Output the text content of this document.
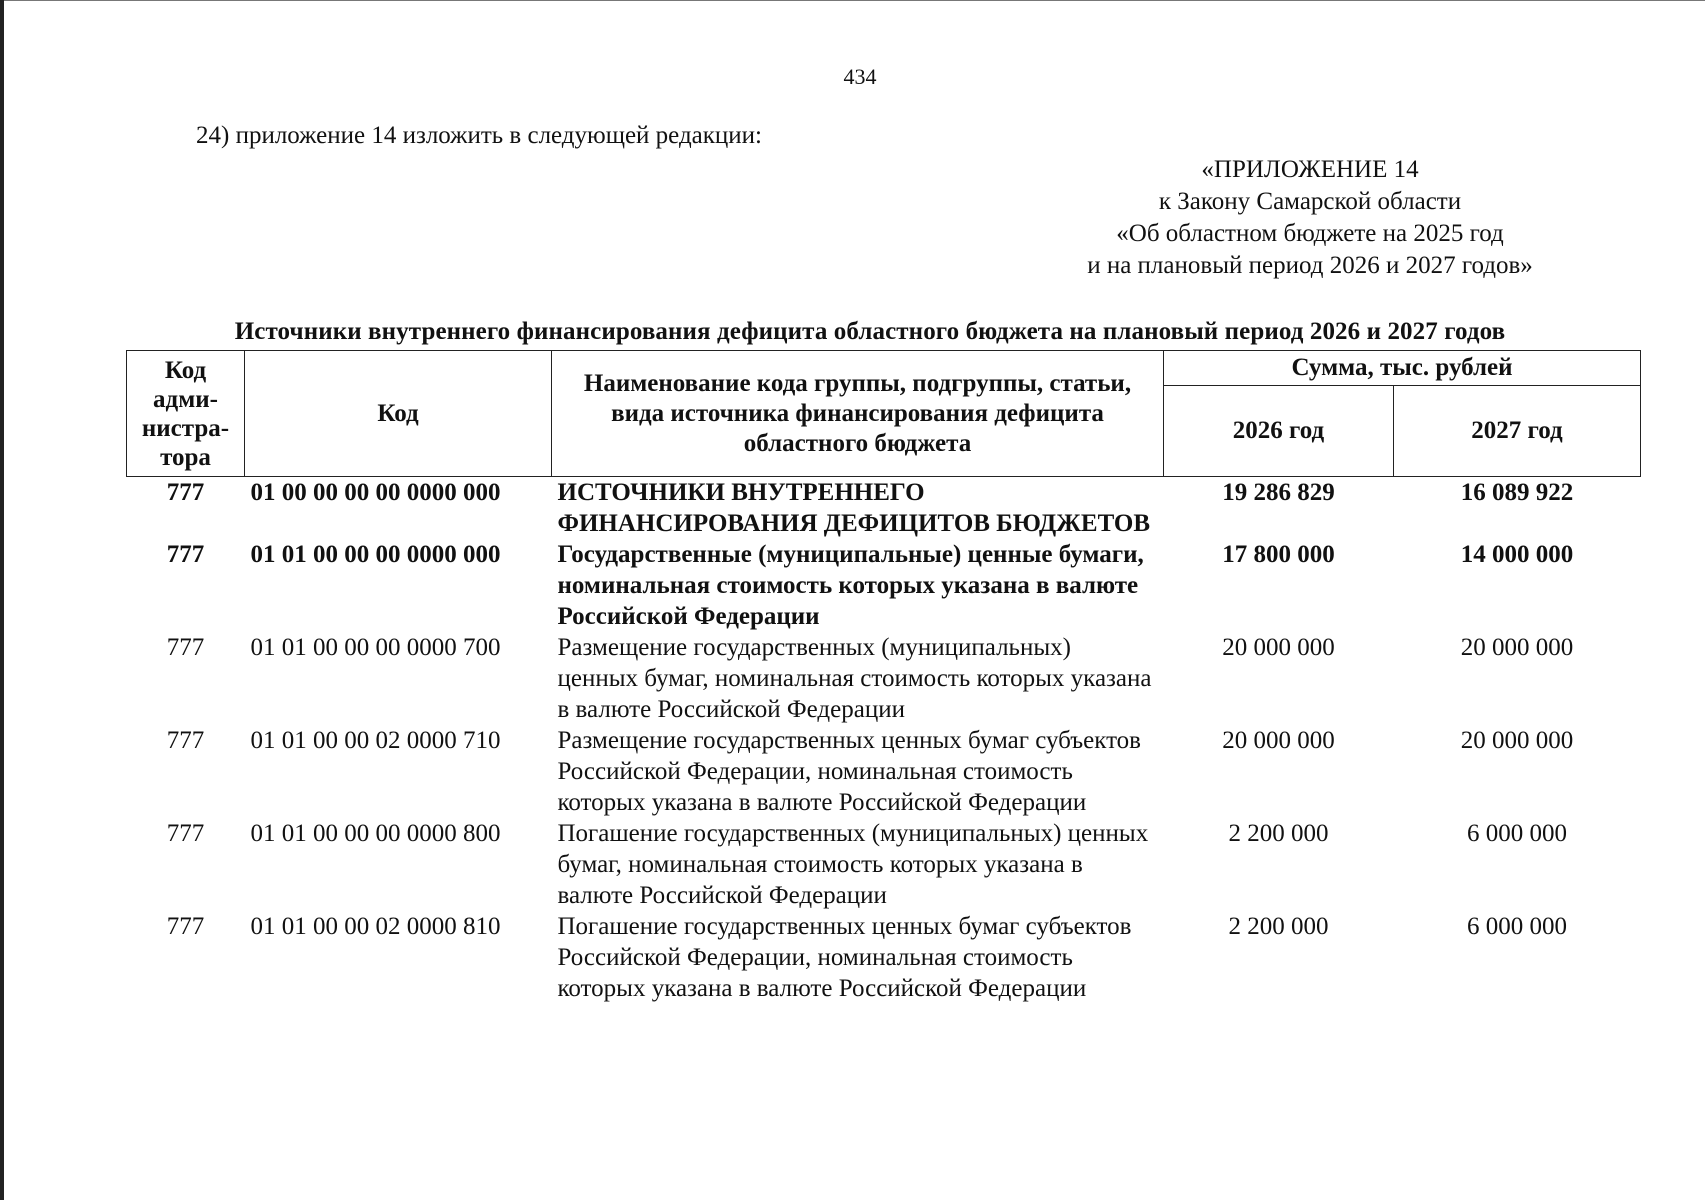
434
24) приложение 14 изложить в следующей редакции:
«ПРИЛОЖЕНИЕ 14
к Закону Самарской области
«Об областном бюджете на 2025 год
и на плановый период 2026 и 2027 годов»
Источники внутреннего финансирования дефицита областного бюджета на плановый период 2026 и 2027 годов
Код адми-нистра-тора	Код	Наименование кода группы, подгруппы, статьи, вида источника финансирования дефицита областного бюджета	Сумма, тыс. рублей	
			2026 год	2027 год
777	01 00 00 00 00 0000 000	ИСТОЧНИКИ ВНУТРЕННЕГО ФИНАНСИРОВАНИЯ ДЕФИЦИТОВ БЮДЖЕТОВ	19 286 829	16 089 922
777	01 01 00 00 00 0000 000	Государственные (муниципальные) ценные бумаги, номинальная стоимость которых указана в валюте Российской Федерации	17 800 000	14 000 000
777	01 01 00 00 00 0000 700	Размещение государственных (муниципальных) ценных бумаг, номинальная стоимость которых указана в валюте Российской Федерации	20 000 000	20 000 000
777	01 01 00 00 02 0000 710	Размещение государственных ценных бумаг субъектов Российской Федерации, номинальная стоимость которых указана в валюте Российской Федерации	20 000 000	20 000 000
777	01 01 00 00 00 0000 800	Погашение государственных (муниципальных) ценных бумаг, номинальная стоимость которых указана в валюте Российской Федерации	2 200 000	6 000 000
777	01 01 00 00 02 0000 810	Погашение государственных ценных бумаг субъектов Российской Федерации, номинальная стоимость которых указана в валюте Российской Федерации	2 200 000	6 000 000
